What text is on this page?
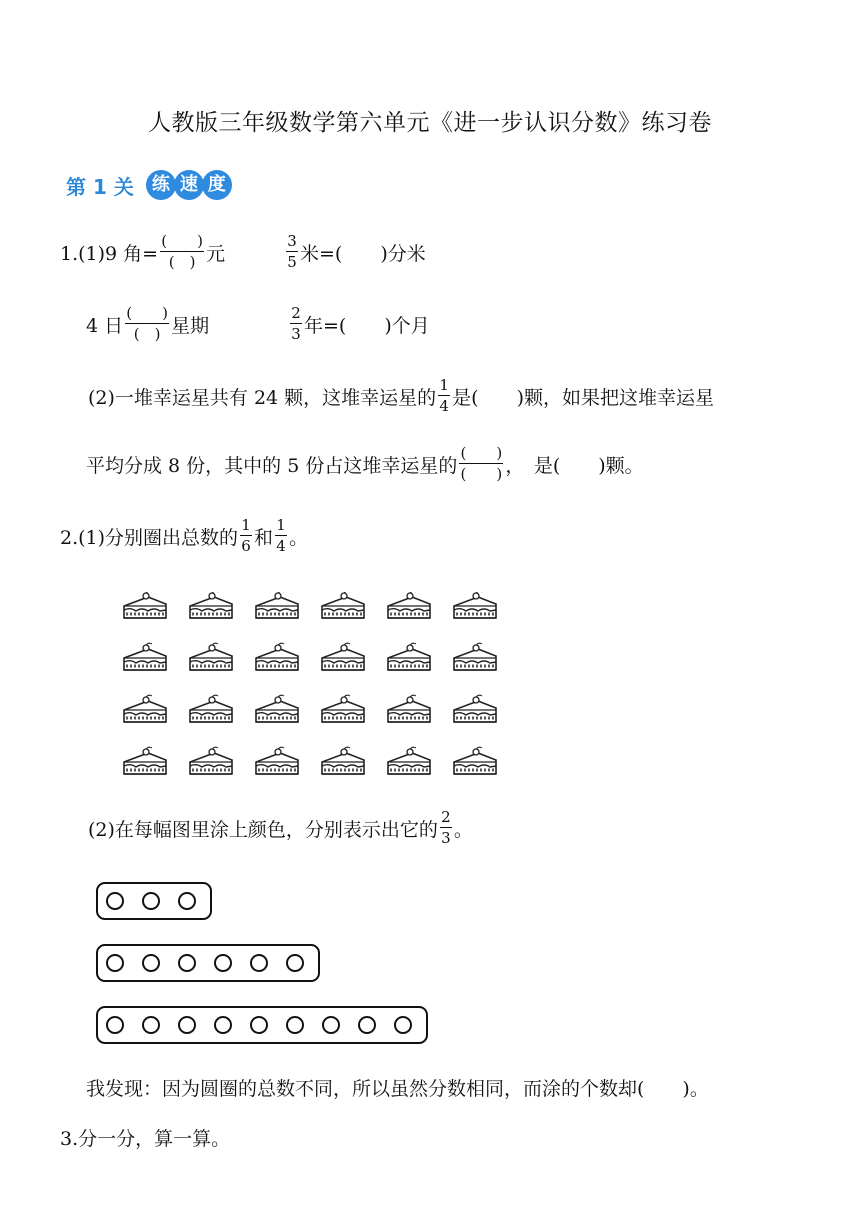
人教版三年级数学第六单元《进一步认识分数》练习卷
第 1 关	练 速 度
1.(1)9 角= $\frac{( )}{( )}$ 元	$\frac{3}{5}$ 米=(　　)分米
4 日 $\frac{( )}{( )}$ 星期	$\frac{2}{3}$ 年=(　　)个月
(2)一堆幸运星共有 24 颗，这堆幸运星的 $\frac{1}{4}$ 是(　　)颗，如果把这堆幸运星
平均分成 8 份，其中的 5 份占这堆幸运星的 $\frac{( )}{( )}$ ，　是(　　)颗。
2.(1)分别圈出总数的 $\frac{1}{6}$ 和 $\frac{1}{4}$ 。
(2)在每幅图里涂上颜色，分别表示出它的 $\frac{2}{3}$ 。
我发现：因为圆圈的总数不同，所以虽然分数相同，而涂的个数却(　　)。
3.分一分，算一算。
